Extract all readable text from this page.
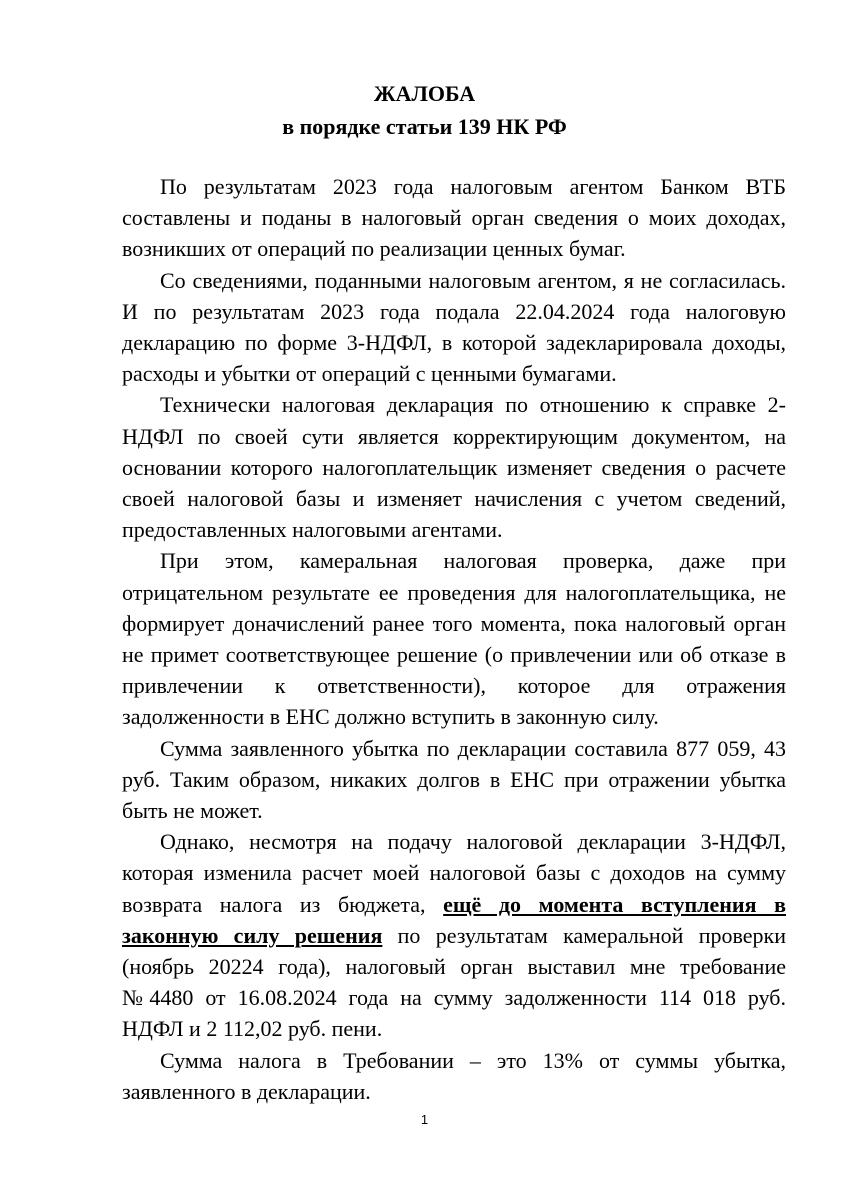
ЖАЛОБА
в порядке статьи 139 НК РФ

По результатам 2023 года налоговым агентом Банком ВТБ составлены и поданы в налоговый орган сведения о моих доходах, возникших от операций по реализации ценных бумаг.

Со сведениями, поданными налоговым агентом, я не согласилась. И по результатам 2023 года подала 22.04.2024 года налоговую декларацию по форме 3-НДФЛ, в которой задекларировала доходы, расходы и убытки от операций с ценными бумагами.

Технически налоговая декларация по отношению к справке 2-НДФЛ по своей сути является корректирующим документом, на основании которого налогоплательщик изменяет сведения о расчете своей налоговой базы и изменяет начисления с учетом сведений, предоставленных налоговыми агентами.

При этом, камеральная налоговая проверка, даже при отрицательном результате ее проведения для налогоплательщика, не формирует доначислений ранее того момента, пока налоговый орган не примет соответствующее решение (о привлечении или об отказе в привлечении к ответственности), которое для отражения задолженности в ЕНС должно вступить в законную силу.

Сумма заявленного убытка по декларации составила 877 059, 43 руб. Таким образом, никаких долгов в ЕНС при отражении убытка быть не может.

Однако, несмотря на подачу налоговой декларации 3-НДФЛ, которая изменила расчет моей налоговой базы с доходов на сумму возврата налога из бюджета, ещё до момента вступления в законную силу решения по результатам камеральной проверки (ноябрь 20224 года), налоговый орган выставил мне требование №4480 от 16.08.2024 года на сумму задолженности 114 018 руб. НДФЛ и 2 112,02 руб. пени.

Сумма налога в Требовании – это 13% от суммы убытка, заявленного в декларации.

1
